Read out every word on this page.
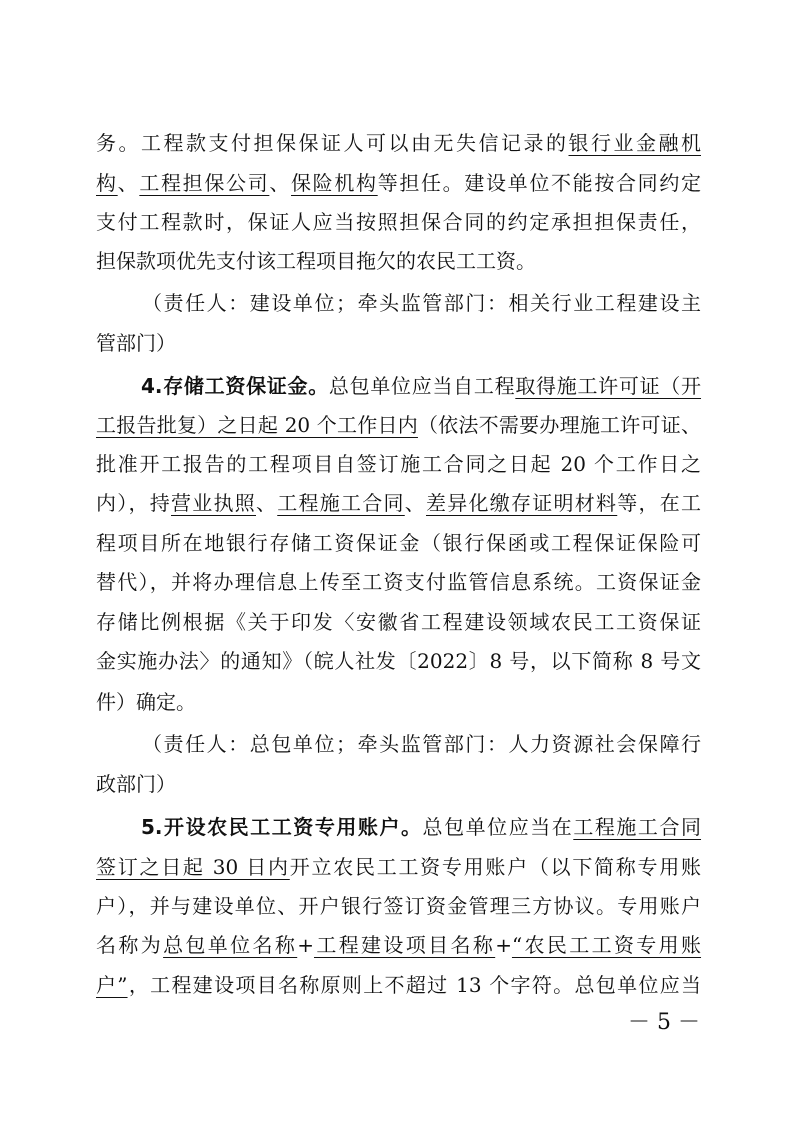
务。工程款支付担保保证人可以由无失信记录的银行业金融机
构、工程担保公司、保险机构等担任。建设单位不能按合同约定
支付工程款时，保证人应当按照担保合同的约定承担担保责任，
担保款项优先支付该工程项目拖欠的农民工工资。
（责任人：建设单位；牵头监管部门：相关行业工程建设主
管部门）
4.存储工资保证金。总包单位应当自工程取得施工许可证（开
工报告批复）之日起 20 个工作日内（依法不需要办理施工许可证、
批准开工报告的工程项目自签订施工合同之日起 20 个工作日之
内），持营业执照、工程施工合同、差异化缴存证明材料等，在工
程项目所在地银行存储工资保证金（银行保函或工程保证保险可
替代），并将办理信息上传至工资支付监管信息系统。工资保证金
存储比例根据《关于印发〈安徽省工程建设领域农民工工资保证
金实施办法〉的通知》（皖人社发〔2022〕8 号，以下简称 8 号文
件）确定。
（责任人：总包单位；牵头监管部门：人力资源社会保障行
政部门）
5.开设农民工工资专用账户。总包单位应当在工程施工合同
签订之日起 30 日内开立农民工工资专用账户（以下简称专用账
户），并与建设单位、开户银行签订资金管理三方协议。专用账户
名称为总包单位名称+工程建设项目名称+“农民工工资专用账
户”，工程建设项目名称原则上不超过 13 个字符。总包单位应当
－ 5 －
